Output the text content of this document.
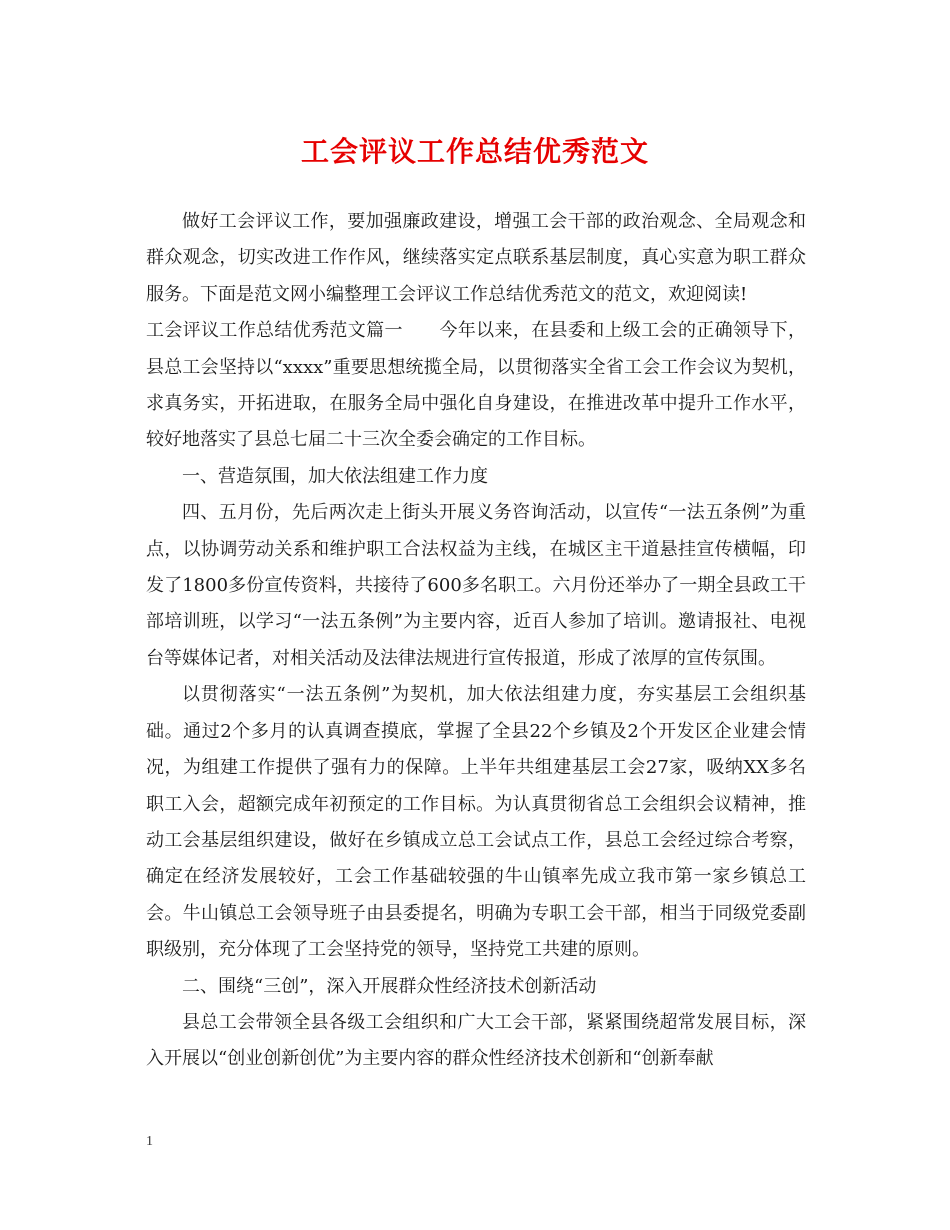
工会评议工作总结优秀范文

做好工会评议工作，要加强廉政建设，增强工会干部的政治观念、全局观念和群众观念，切实改进工作作风，继续落实定点联系基层制度，真心实意为职工群众服务。下面是范文网小编整理工会评议工作总结优秀范文的范文，欢迎阅读!

工会评议工作总结优秀范文篇一　　今年以来，在县委和上级工会的正确领导下，县总工会坚持以“xxxx”重要思想统揽全局，以贯彻落实全省工会工作会议为契机，求真务实，开拓进取，在服务全局中强化自身建设，在推进改革中提升工作水平，较好地落实了县总七届二十三次全委会确定的工作目标。

一、营造氛围，加大依法组建工作力度

四、五月份，先后两次走上街头开展义务咨询活动，以宣传“一法五条例”为重点，以协调劳动关系和维护职工合法权益为主线，在城区主干道悬挂宣传横幅，印发了1800多份宣传资料，共接待了600多名职工。六月份还举办了一期全县政工干部培训班，以学习“一法五条例”为主要内容，近百人参加了培训。邀请报社、电视台等媒体记者，对相关活动及法律法规进行宣传报道，形成了浓厚的宣传氛围。

以贯彻落实“一法五条例”为契机，加大依法组建力度，夯实基层工会组织基础。通过2个多月的认真调查摸底，掌握了全县22个乡镇及2个开发区企业建会情况，为组建工作提供了强有力的保障。上半年共组建基层工会27家，吸纳XX多名职工入会，超额完成年初预定的工作目标。为认真贯彻省总工会组织会议精神，推动工会基层组织建设，做好在乡镇成立总工会试点工作，县总工会经过综合考察，确定在经济发展较好，工会工作基础较强的牛山镇率先成立我市第一家乡镇总工会。牛山镇总工会领导班子由县委提名，明确为专职工会干部，相当于同级党委副职级别，充分体现了工会坚持党的领导，坚持党工共建的原则。

二、围绕“三创”，深入开展群众性经济技术创新活动

县总工会带领全县各级工会组织和广大工会干部，紧紧围绕超常发展目标，深入开展以“创业创新创优”为主要内容的群众性经济技术创新和“创新奉献

1
